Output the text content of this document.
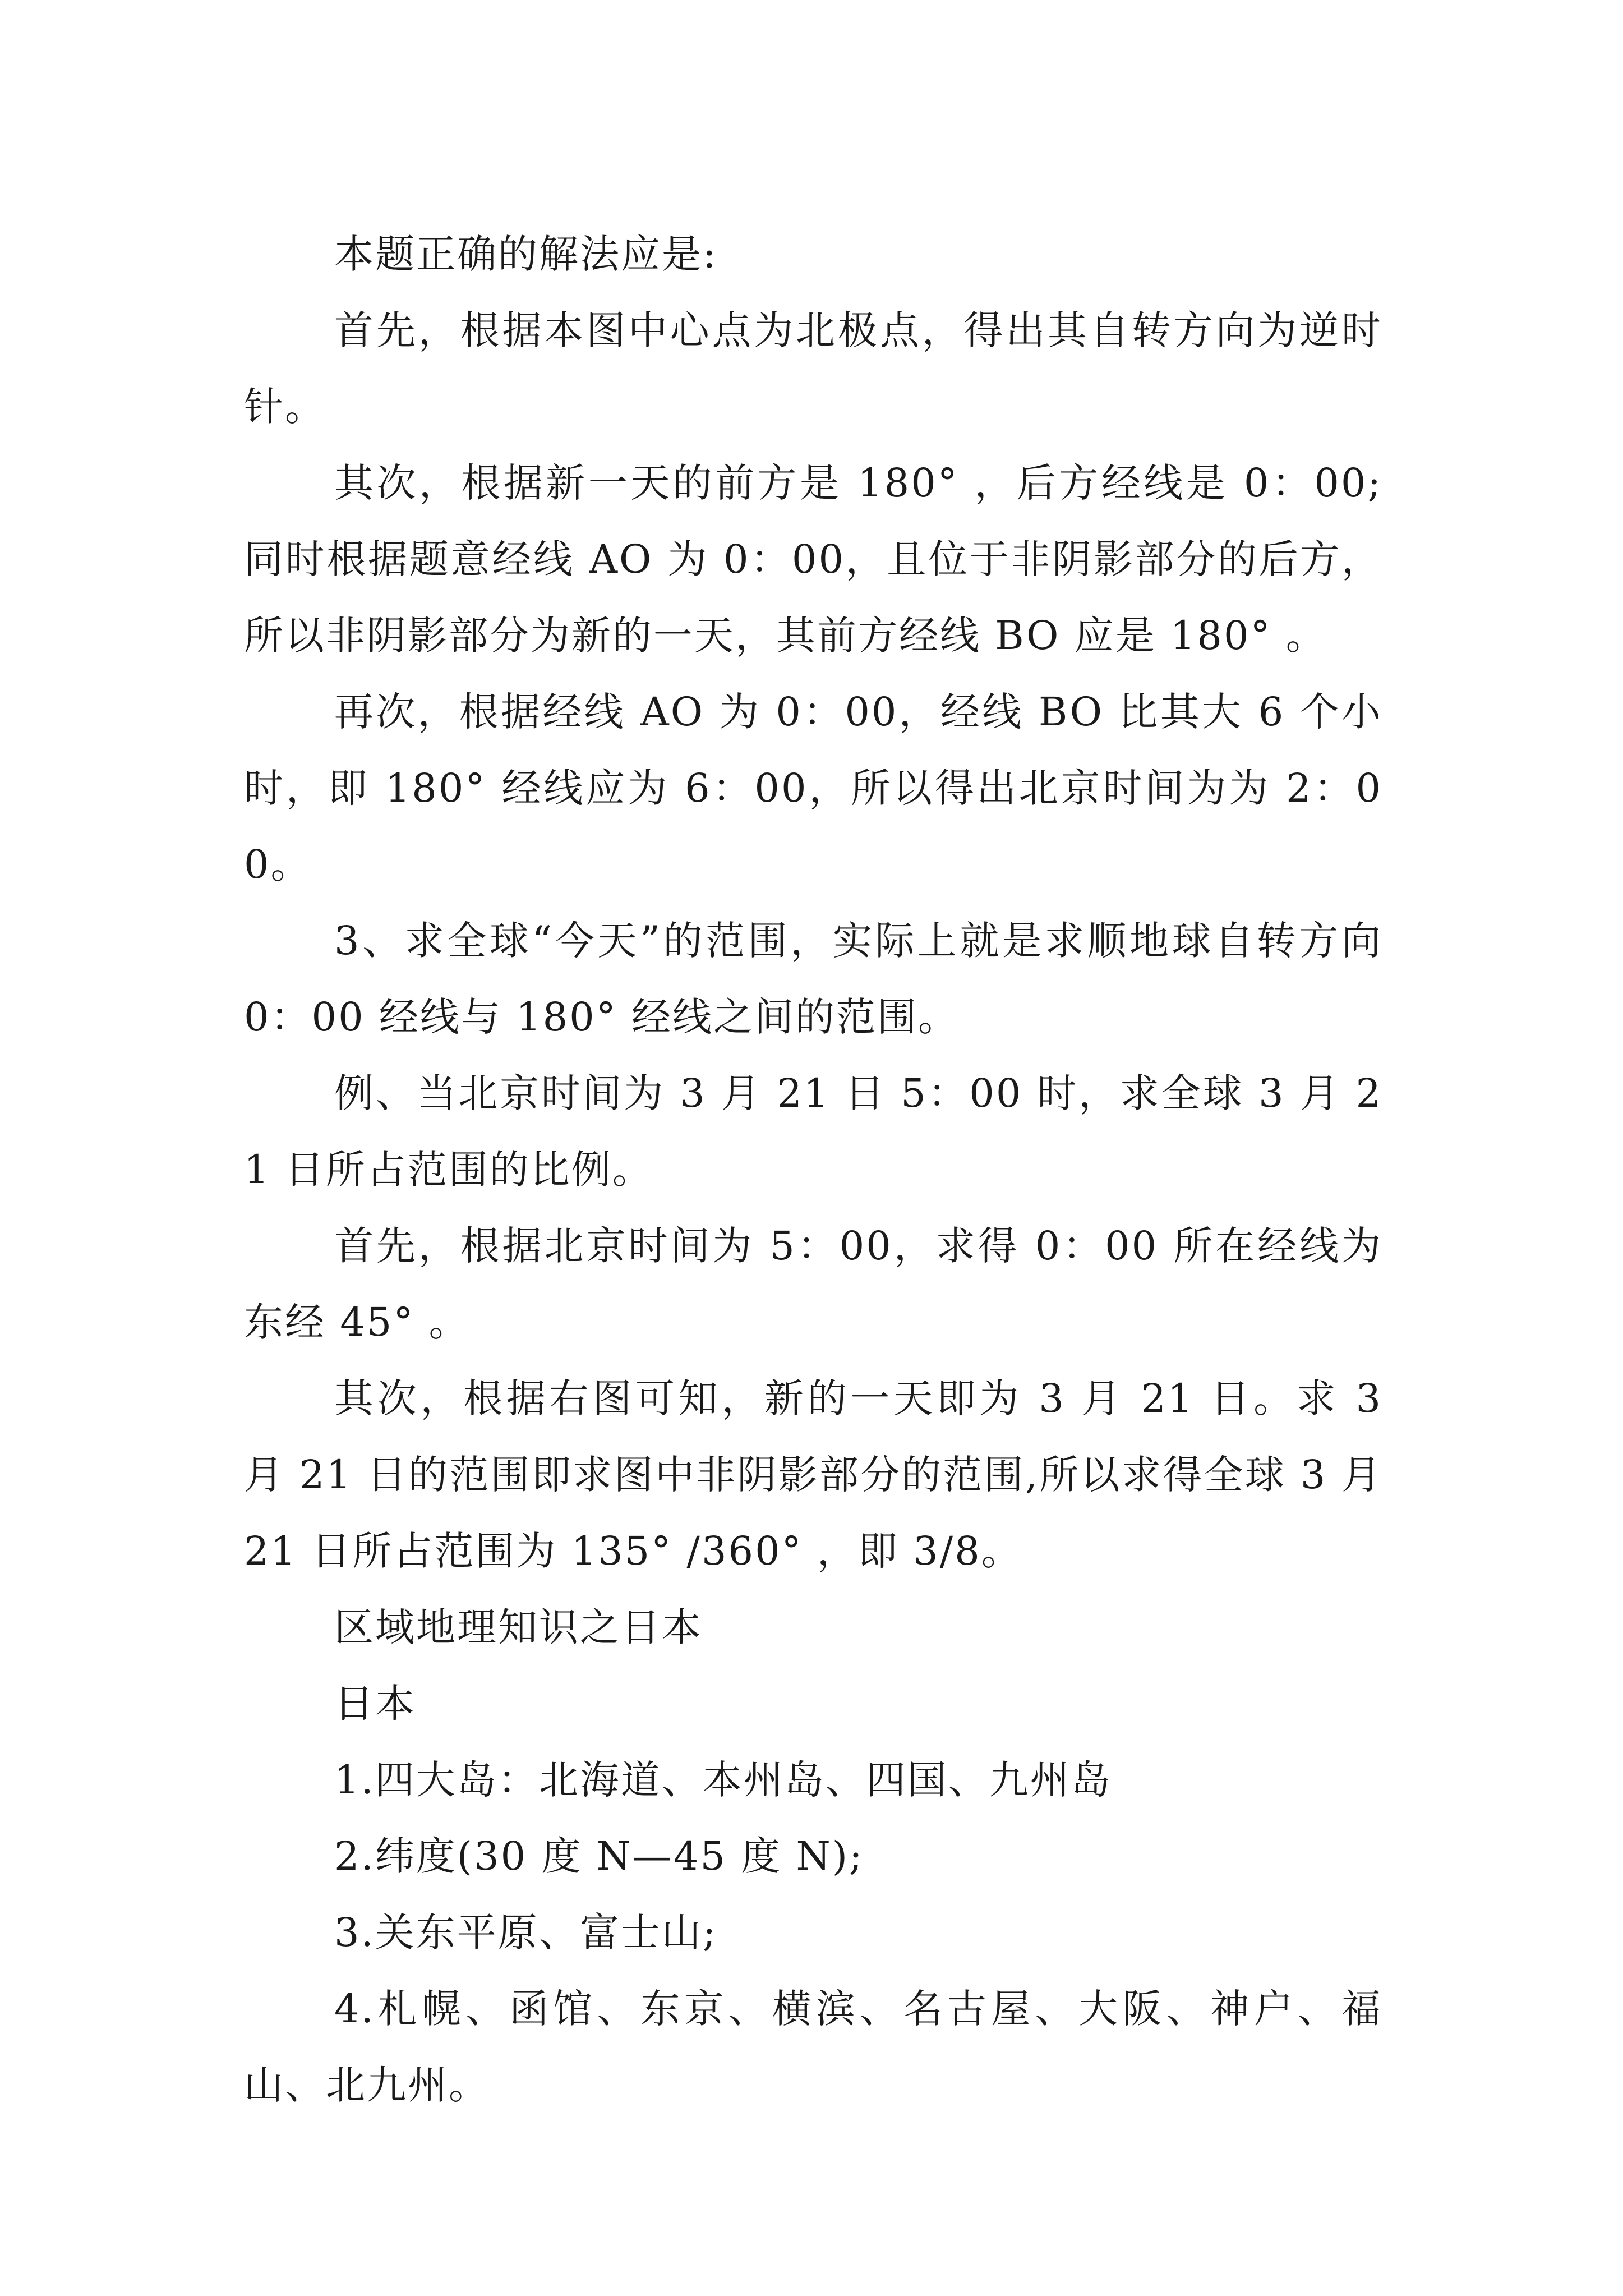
本题正确的解法应是:

首先，根据本图中心点为北极点，得出其自转方向为逆时针。

其次，根据新一天的前方是 180° ，后方经线是 0：00;同时根据题意经线 AO 为 0：00，且位于非阴影部分的后方，所以非阴影部分为新的一天，其前方经线 BO 应是 180° 。

再次，根据经线 AO 为 0：00，经线 BO 比其大 6 个小时，即 180° 经线应为 6：00，所以得出北京时间为为 2：00。

3、求全球“今天”的范围，实际上就是求顺地球自转方向 0：00 经线与 180° 经线之间的范围。

例、当北京时间为 3 月 21 日 5：00 时，求全球 3 月 21 日所占范围的比例。

首先，根据北京时间为 5：00，求得 0：00 所在经线为东经 45° 。

其次，根据右图可知，新的一天即为 3 月 21 日。求 3 月 21 日的范围即求图中非阴影部分的范围,所以求得全球 3 月 21 日所占范围为 135° /360° ，即 3/8。

区域地理知识之日本

日本

1.四大岛：北海道、本州岛、四国、九州岛

2.纬度(30 度 N—45 度 N);

3.关东平原、富士山;

4.札幌、函馆、东京、横滨、名古屋、大阪、神户、福山、北九州。
